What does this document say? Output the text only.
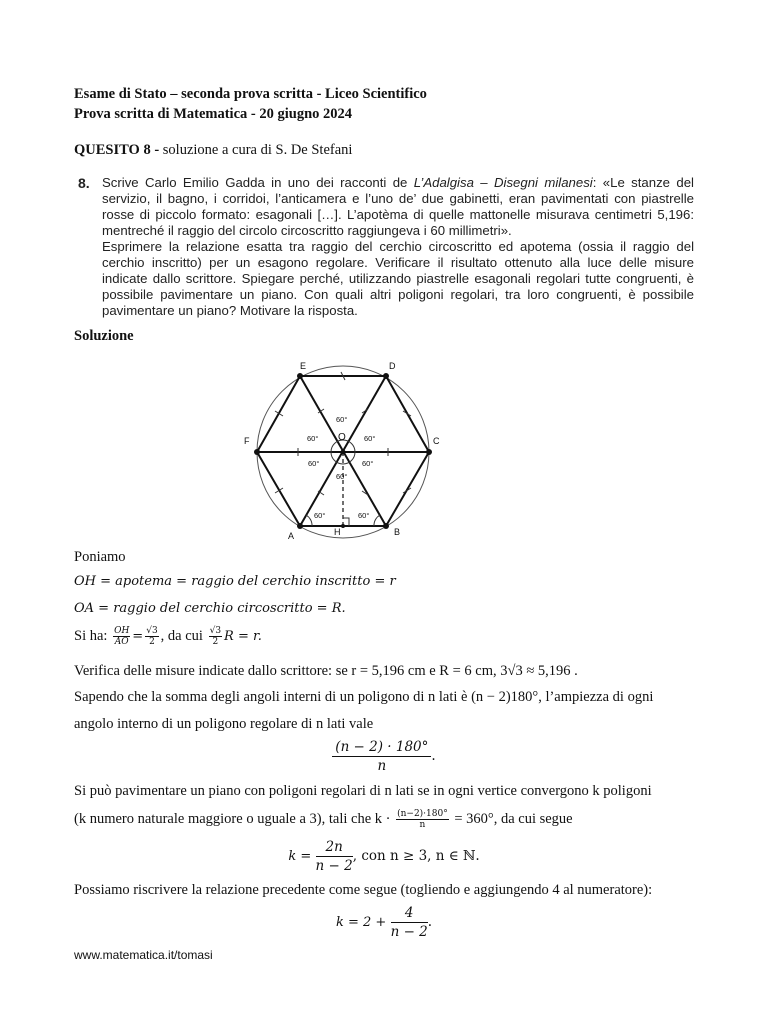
Esame di Stato – seconda prova scritta - Liceo Scientifico
Prova scritta di Matematica - 20 giugno 2024
QUESITO 8 - soluzione a cura di S. De Stefani
8. Scrive Carlo Emilio Gadda in uno dei racconti de L’Adalgisa – Disegni milanesi: «Le stanze del servizio, il bagno, i corridoi, l’anticamera e l’uno de’ due gabinetti, eran pavimentati con piastrelle rosse di piccolo formato: esagonali […]. L’apotèma di quelle mattonelle misurava centimetri 5,196: mentreché il raggio del circolo circoscritto raggiungeva i 60 millimetri».
Esprimere la relazione esatta tra raggio del cerchio circoscritto ed apotema (ossia il raggio del cerchio inscritto) per un esagono regolare. Verificare il risultato ottenuto alla luce delle misure indicate dallo scrittore. Spiegare perché, utilizzando piastrelle esagonali regolari tutte congruenti, è possibile pavimentare un piano. Con quali altri poligoni regolari, tra loro congruenti, è possibile pavimentare un piano? Motivare la risposta.
Soluzione
D
E
C
F
A	B
O
H
60°
60°	60°
60°	60°
60°
60°	60°
Poniamo
OH = apotema = raggio del cerchio inscritto = r
OA = raggio del cerchio circoscritto = R.
Si ha: $\frac{OH}{AO} = \frac{√3}{2}$ , da cui $\frac{√3}{2}$ R = r.
Verifica delle misure indicate dallo scrittore: se r = 5,196 cm e R = 6 cm, 3√3 ≈ 5,196 .
Sapendo che la somma degli angoli interni di un poligono di n lati è (n − 2)180°, l’ampiezza di ogni
angolo interno di un poligono regolare di n lati vale
$\frac{(n - 2) \cdot 180^\circ}{n}$ .
Si può pavimentare un piano con poligoni regolari di n lati se in ogni vertice convergono k poligoni
(k numero naturale maggiore o uguale a 3), tali che $k \cdot \frac{(n-2)\cdot 180^\circ}{n} = 360^\circ$, da cui segue
$k = \frac{2n}{n - 2}$ , con n ≥ 3, n ∈ ℕ.
Possiamo riscrivere la relazione precedente come segue (togliendo e aggiungendo 4 al numeratore):
$k = 2 + \frac{4}{n - 2}$ .
www.matematica.it/tomasi
